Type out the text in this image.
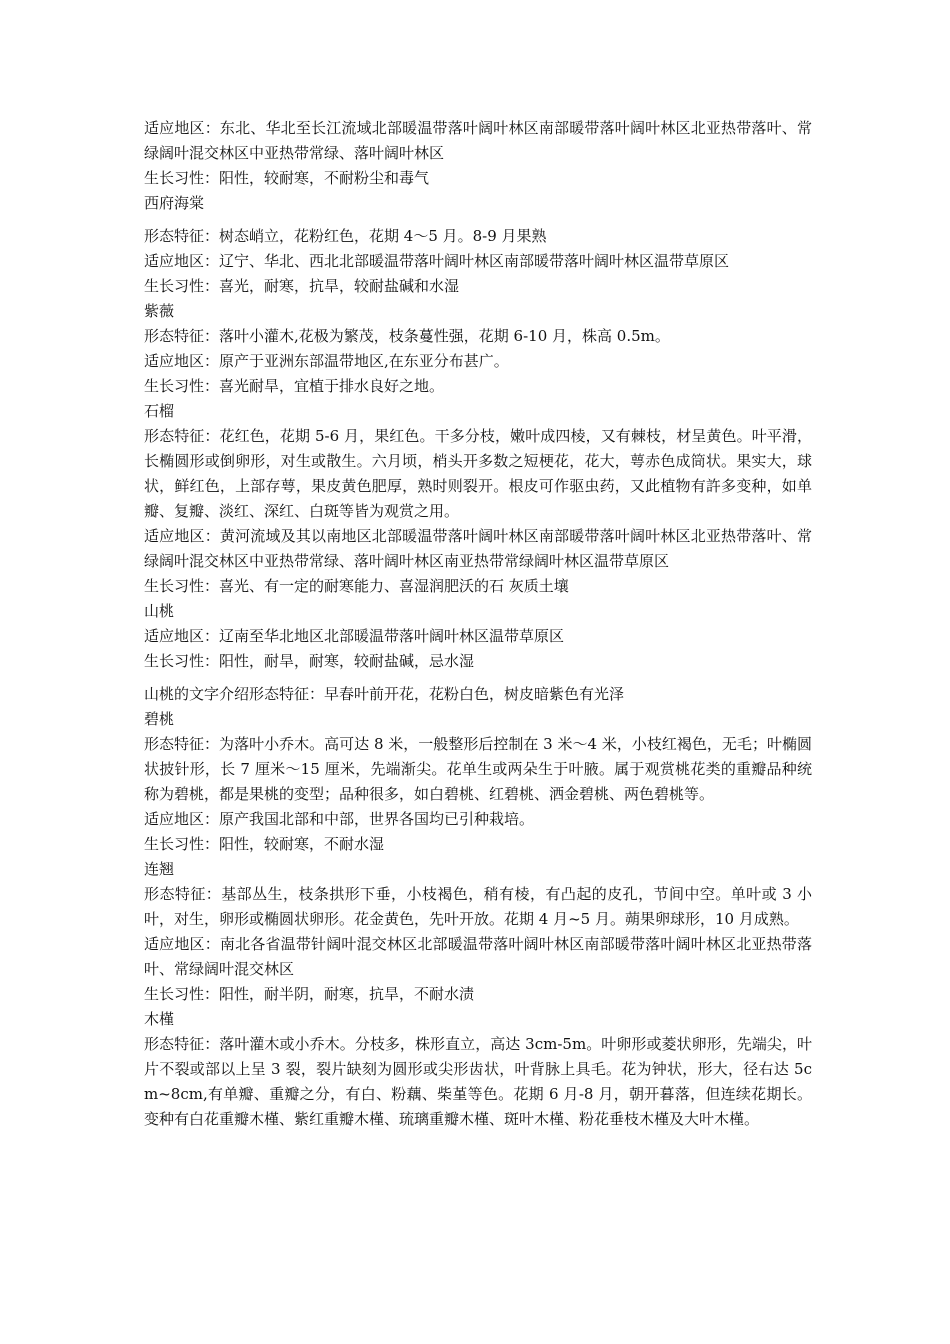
适应地区：东北、华北至长江流域北部暖温带落叶阔叶林区南部暖带落叶阔叶林区北亚热带落叶、常绿阔叶混交林区中亚热带常绿、落叶阔叶林区

生长习性：阳性，较耐寒，不耐粉尘和毒气

西府海棠

形态特征：树态峭立，花粉红色，花期 4～5 月。8-9 月果熟

适应地区：辽宁、华北、西北北部暖温带落叶阔叶林区南部暖带落叶阔叶林区温带草原区

生长习性：喜光，耐寒，抗旱，较耐盐碱和水湿

紫薇

形态特征：落叶小灌木,花极为繁茂，枝条蔓性强，花期 6-10 月，株高 0.5m。

适应地区：原产于亚洲东部温带地区,在东亚分布甚广。

生长习性：喜光耐旱，宜植于排水良好之地。

石榴

形态特征：花红色，花期 5-6 月，果红色。干多分枝，嫩叶成四棱，又有棘枝，材呈黄色。叶平滑，长椭圆形或倒卵形，对生或散生。六月顷，梢头开多数之短梗花，花大，萼赤色成筒状。果实大，球状，鲜红色，上部存萼，果皮黄色肥厚，熟时则裂开。根皮可作驱虫药，又此植物有許多变种，如单瓣、复瓣、淡红、深红、白斑等皆为观赏之用。

适应地区：黄河流域及其以南地区北部暖温带落叶阔叶林区南部暖带落叶阔叶林区北亚热带落叶、常绿阔叶混交林区中亚热带常绿、落叶阔叶林区南亚热带常绿阔叶林区温带草原区

生长习性：喜光、有一定的耐寒能力、喜湿润肥沃的石 灰质土壤

山桃

适应地区：辽南至华北地区北部暖温带落叶阔叶林区温带草原区

生长习性：阳性，耐旱，耐寒，较耐盐碱，忌水湿

山桃的文字介绍形态特征：早春叶前开花，花粉白色，树皮暗紫色有光泽

碧桃

形态特征：为落叶小乔木。高可达 8 米，一般整形后控制在 3 米～4 米，小枝红褐色，无毛；叶椭圆状披针形，长 7 厘米～15 厘米，先端渐尖。花单生或两朵生于叶腋。属于观赏桃花类的重瓣品种统称为碧桃，都是果桃的变型；品种很多，如白碧桃、红碧桃、洒金碧桃、两色碧桃等。

适应地区：原产我国北部和中部，世界各国均已引种栽培。

生长习性：阳性，较耐寒，不耐水湿

连翘

形态特征：基部丛生，枝条拱形下垂，小枝褐色，稍有棱，有凸起的皮孔，节间中空。单叶或 3 小叶，对生，卵形或椭圆状卵形。花金黄色，先叶开放。花期 4 月~5 月。蒴果卵球形，10 月成熟。

适应地区：南北各省温带针阔叶混交林区北部暖温带落叶阔叶林区南部暖带落叶阔叶林区北亚热带落叶、常绿阔叶混交林区

生长习性：阳性，耐半阴，耐寒，抗旱，不耐水渍

木槿

形态特征：落叶灌木或小乔木。分枝多，株形直立，高达 3cm-5m。叶卵形或菱状卵形，先端尖，叶片不裂或部以上呈 3 裂，裂片缺刻为圆形或尖形齿状，叶背脉上具毛。花为钟状，形大，径右达 5cm~8cm,有单瓣、重瓣之分，有白、粉藕、柴堇等色。花期 6 月-8 月，朝开暮落，但连续花期长。变种有白花重瓣木槿、紫红重瓣木槿、琉璃重瓣木槿、斑叶木槿、粉花垂枝木槿及大叶木槿。
